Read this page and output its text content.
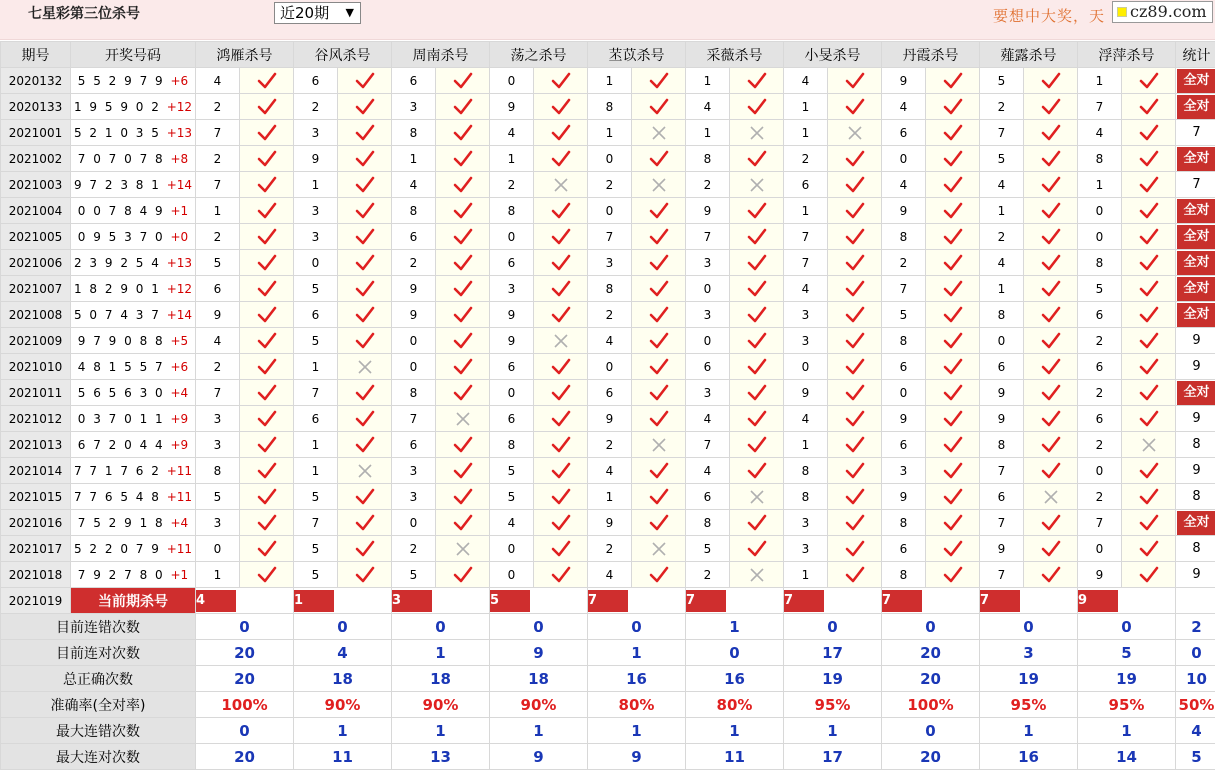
七星彩第三位杀号	近20期 ▼	要想中大奖，天	cz89.com
期号	开奖号码	鸿雁杀号		谷风杀号		周南杀号		荡之杀号		苤苡杀号		采薇杀号		小旻杀号		丹霞杀号		薤露杀号		浮萍杀号		统计
2020132	5 5 2 9 7 9 +6	4		6		6		0		1		1		4		9		5		1		全对

2020133	1 9 5 9 0 2 +12	2		2		3		9		8		4		1		4		2		7		全对

2021001	5 2 1 0 3 5 +13	7		3		8		4		1		1		1		6		7		4		7
2021002	7 0 7 0 7 8 +8	2		9		1		1		0		8		2		0		5		8		全对

2021003	9 7 2 3 8 1 +14	7		1		4		2		2		2		6		4		4		1		7
2021004	0 0 7 8 4 9 +1	1		3		8		8		0		9		1		9		1		0		全对

2021005	0 9 5 3 7 0 +0	2		3		6		0		7		7		7		8		2		0		全对

2021006	2 3 9 2 5 4 +13	5		0		2		6		3		3		7		2		4		8		全对

2021007	1 8 2 9 0 1 +12	6		5		9		3		8		0		4		7		1		5		全对

2021008	5 0 7 4 3 7 +14	9		6		9		9		2		3		3		5		8		6		全对

2021009	9 7 9 0 8 8 +5	4		5		0		9		4		0		3		8		0		2		9
2021010	4 8 1 5 5 7 +6	2		1		0		6		0		6		0		6		6		6		9
2021011	5 6 5 6 3 0 +4	7		7		8		0		6		3		9		0		9		2		全对

2021012	0 3 7 0 1 1 +9	3		6		7		6		9		4		4		9		9		6		9
2021013	6 7 2 0 4 4 +9	3		1		6		8		2		7		1		6		8		2		8
2021014	7 7 1 7 6 2 +11	8		1		3		5		4		4		8		3		7		0		9
2021015	7 7 6 5 4 8 +11	5		5		3		5		1		6		8		9		6		2		8
2021016	7 5 2 9 1 8 +4	3		7		0		4		9		8		3		8		7		7		全对

2021017	5 2 2 0 7 9 +11	0		5		2		0		2		5		3		6		9		0		8
2021018	7 9 2 7 8 0 +1	1		5		5		0		4		2		1		8		7		9		9
2021019	当前期杀号	4		1		3		5		7		7		7		7		7		9		

目前连错次数		0		0		0		0		0		1		0		0		0		0		2
目前连对次数		20		4		1		9		1		0		17		20		3		5		0
总正确次数		20		18		18		18		16		16		19		20		19		19		10
准确率(全对率)		100%		90%		90%		90%		80%		80%		95%		100%		95%		95%		50%
最大连错次数		0		1		1		1		1		1		1		0		1		1		4
最大连对次数		20		11		13		9		9		11		17		20		16		14		5
